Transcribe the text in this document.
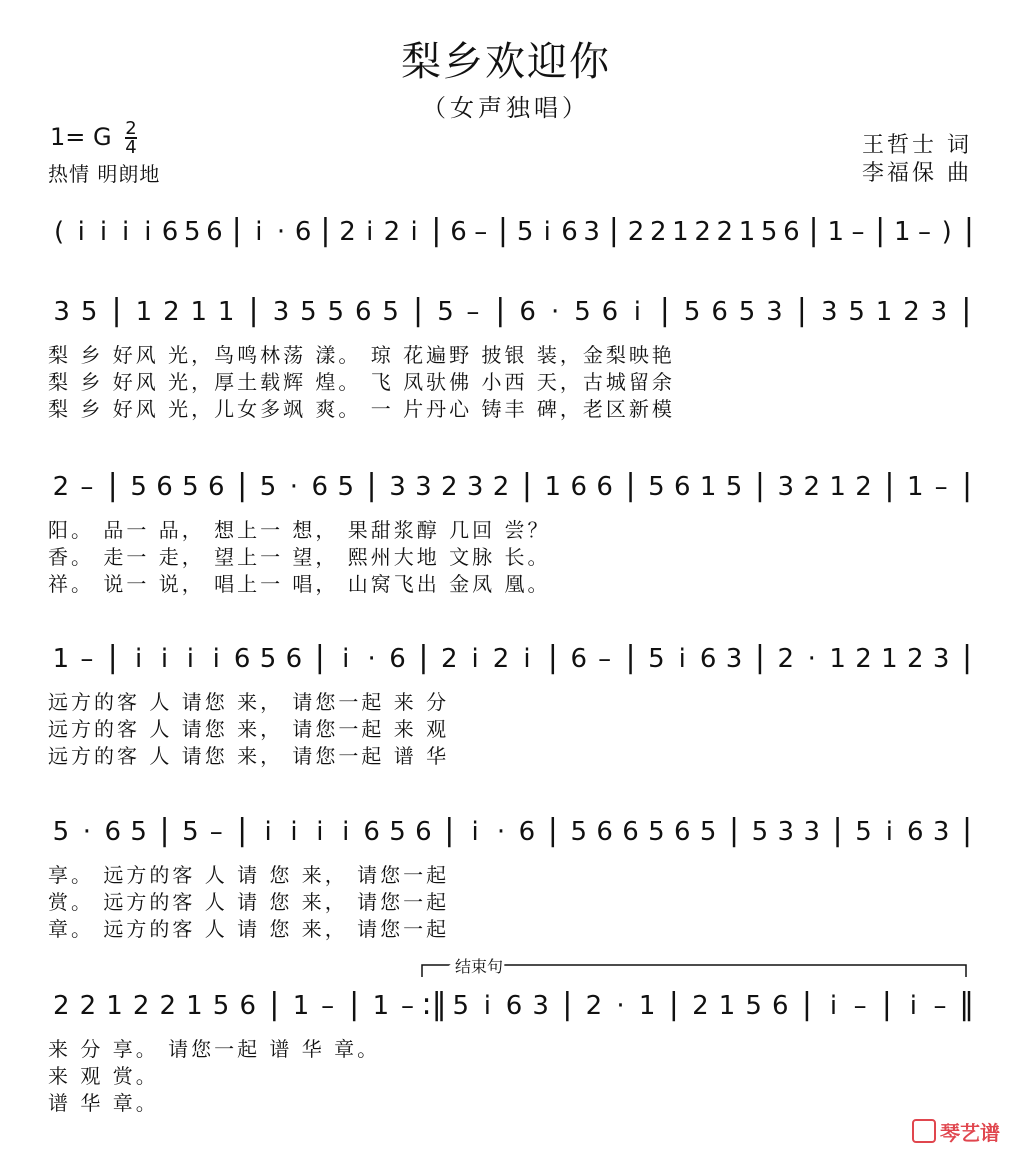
梨乡欢迎你
（女声独唱）
1= G $\frac{2}{4}$
热情 明朗地
王哲士 词
李福保 曲
( i i i i 6 5 6 | i · 6 | 2 i 2 i | 6 – | 5 i 6 3 | 2 2 1 2 2 1 5 6 | 1 – | 1 – ) |
3 5 | 1 2 1 1 | 3 5 5 6 5 | 5 – | 6 · 5 6 i | 5 6 5 3 | 3 5 1 2 3 |
梨 乡 好风 光，鸟鸣林荡 漾。 琼 花遍野 披银 装，金梨映艳
梨 乡 好风 光，厚土载辉 煌。 飞 凤驮佛 小西 天，古城留余
梨 乡 好风 光，儿女多飒 爽。 一 片丹心 铸丰 碑，老区新模
2 – | 5 6 5 6 | 5 · 6 5 | 3 3 2 3 2 | 1 6 6 | 5 6 1 5 | 3 2 1 2 | 1 – |
阳。 品一 品， 想上一 想， 果甜浆醇 几回 尝？
香。 走一 走， 望上一 望， 熙州大地 文脉 长。
祥。 说一 说， 唱上一 唱， 山窝飞出 金凤 凰。
1 – | i i i i 6 5 6 | i · 6 | 2 i 2 i | 6 – | 5 i 6 3 | 2 · 1 2 1 2 3 |
远方的客 人 请您 来， 请您一起 来 分
远方的客 人 请您 来， 请您一起 来 观
远方的客 人 请您 来， 请您一起 谱 华
5 · 6 5 | 5 – | i i i i 6 5 6 | i · 6 | 5 6 6 5 6 5 | 5 3 3 | 5 i 6 3 |
享。 远方的客 人 请 您 来， 请您一起
赏。 远方的客 人 请 您 来， 请您一起
章。 远方的客 人 请 您 来， 请您一起
2 2 1 2 2 1 5 6 | 1 – | 1 – :‖ 5 i 6 3 | 2 · 1 | 2 1 5 6 | i – | i – ‖
来 分 享。 请您一起 谱 华 章。
来 观 赏。
谱 华 章。
结束句
琴艺谱
